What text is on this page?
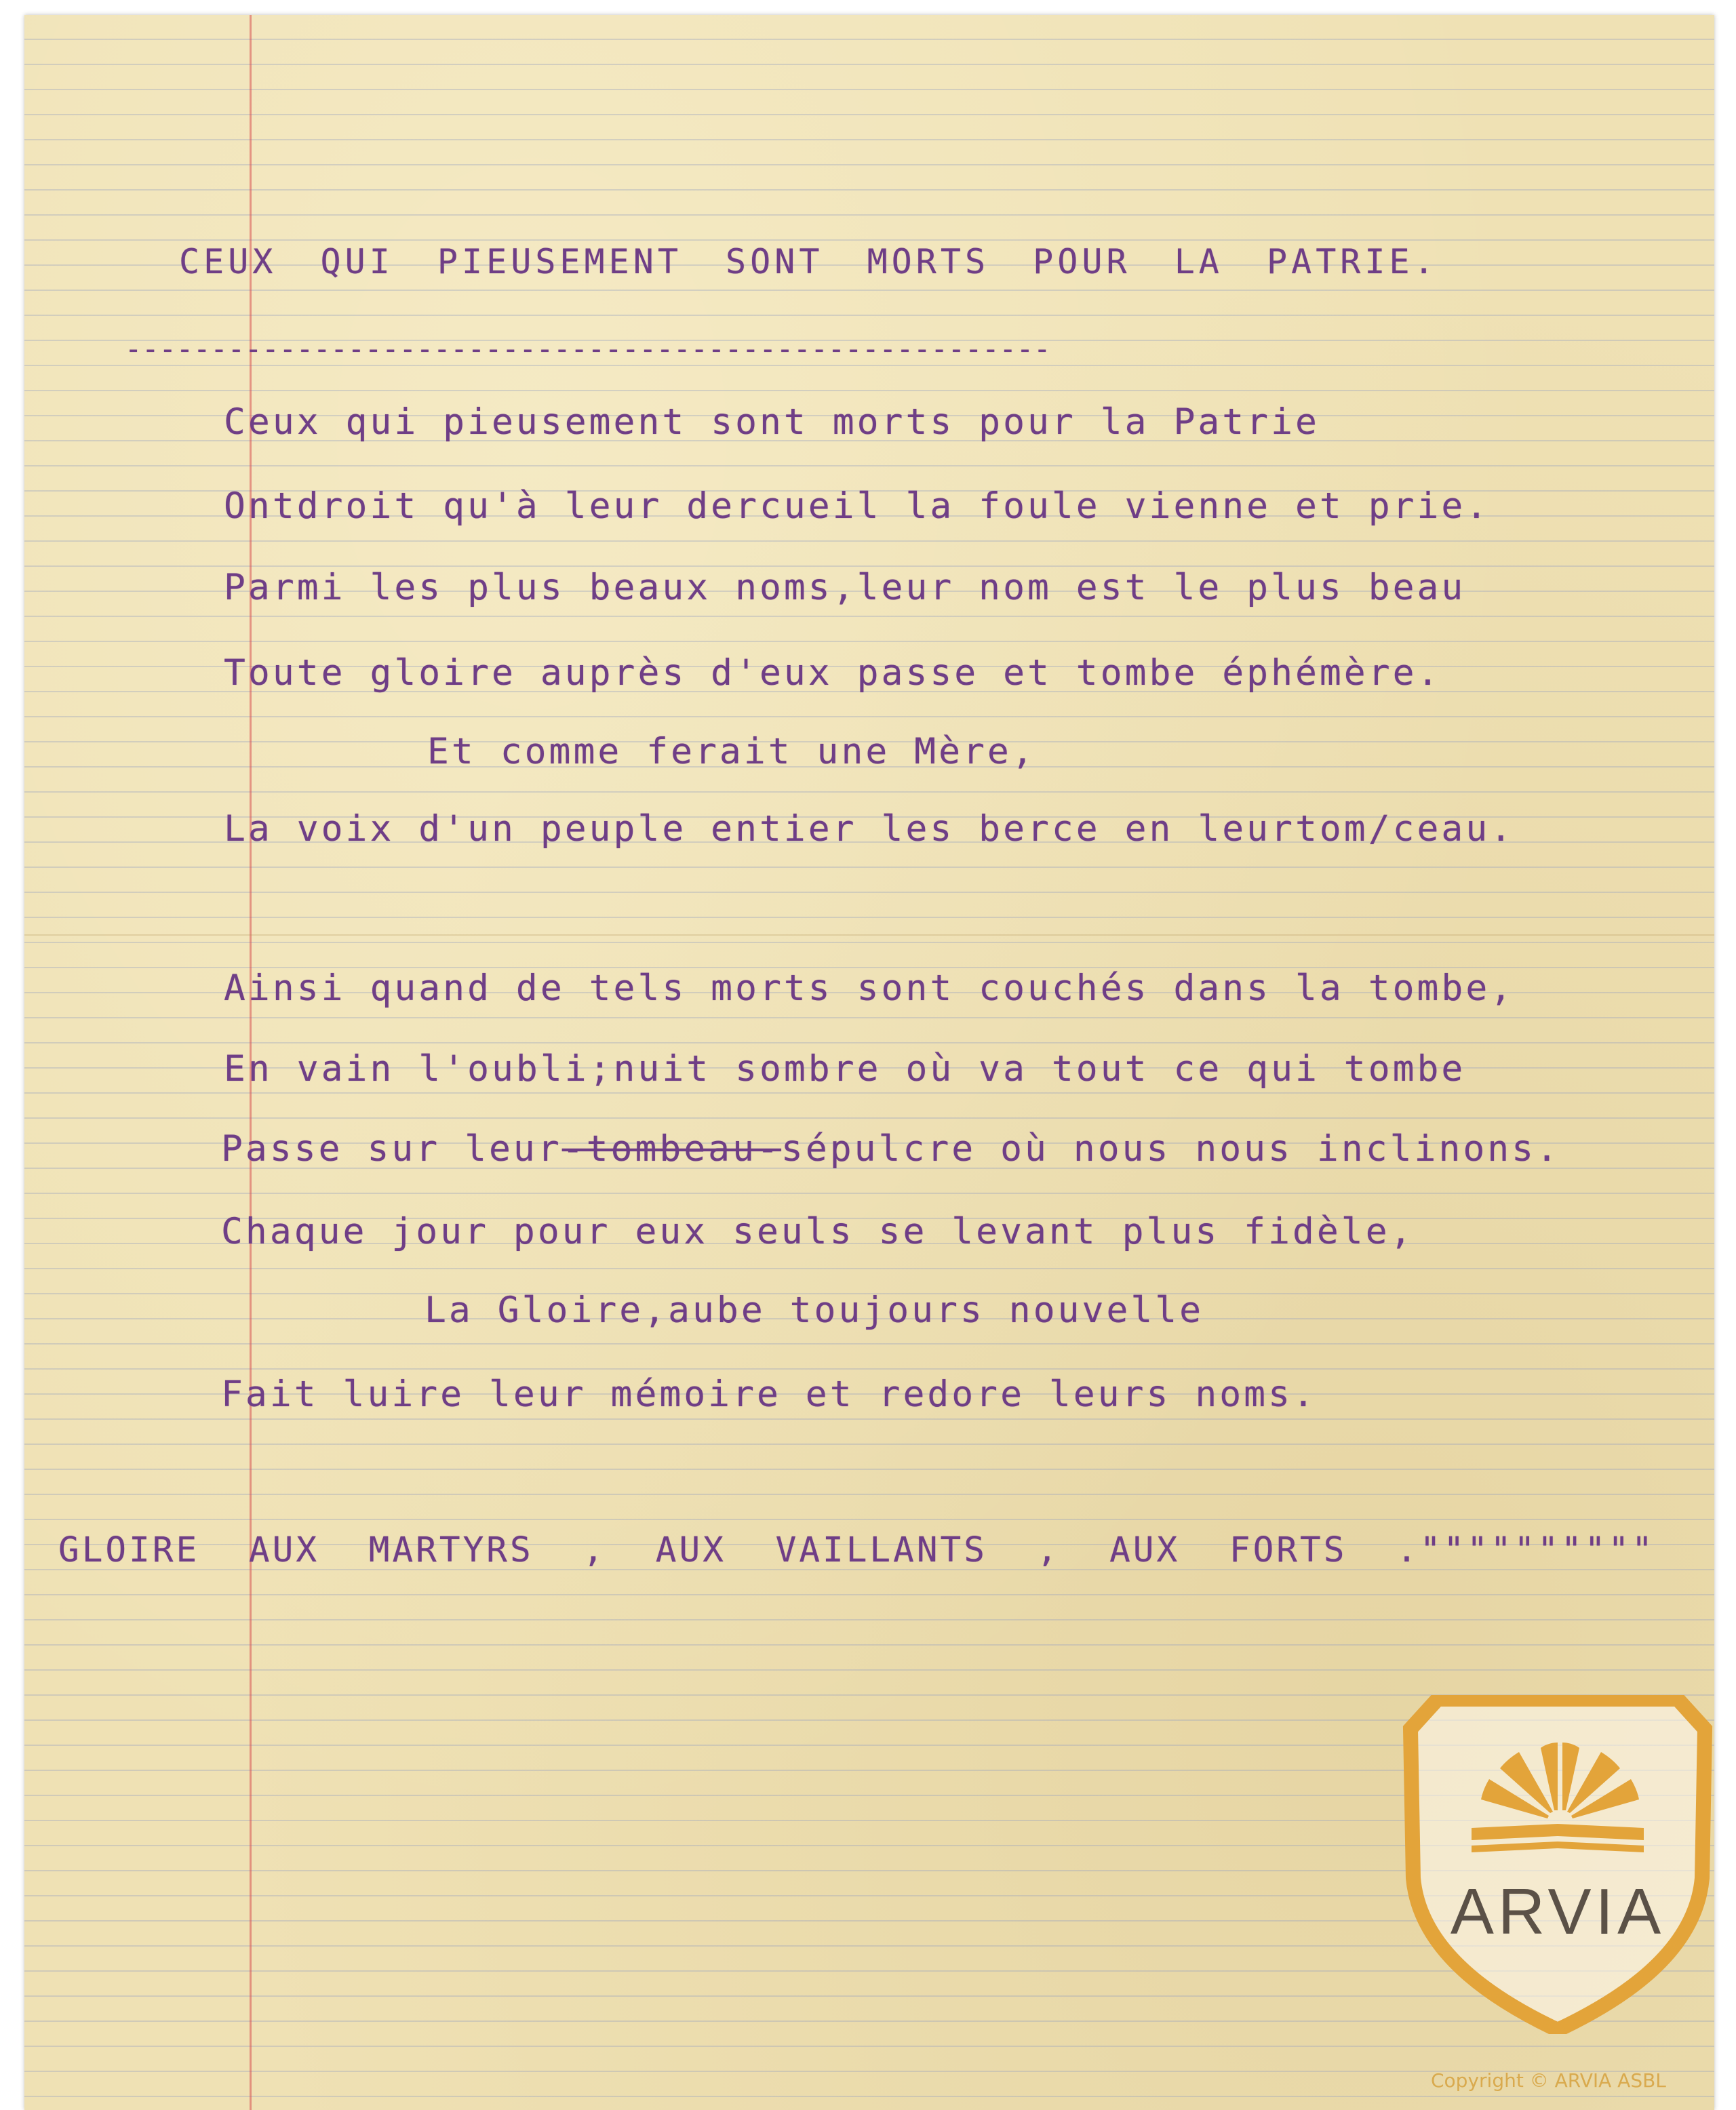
CEUX QUI PIEUSEMENT SONT MORTS POUR LA PATRIE.
------------------------------------------------------
Ceux qui pieusement sont morts pour la Patrie
Ontdroit qu'à leur dercueil la foule vienne et prie.
Parmi les plus beaux noms,leur nom est le plus beau
Toute gloire auprès d'eux passe et tombe éphémère.
Et comme ferait une Mère,
La voix d'un peuple entier les berce en leurtom/ceau.
Ainsi quand de tels morts sont couchés dans la tombe,
En vain l'oubli;nuit sombre où va tout ce qui tombe
Passe sur leur-tombeau-sépulcre où nous nous inclinons.
Chaque jour pour eux seuls se levant plus fidèle,
La Gloire,aube toujours nouvelle
Fait luire leur mémoire et redore leurs noms.
GLOIRE AUX MARTYRS , AUX VAILLANTS , AUX FORTS .""""""""""
ARVIA
Copyright © ARVIA ASBL
